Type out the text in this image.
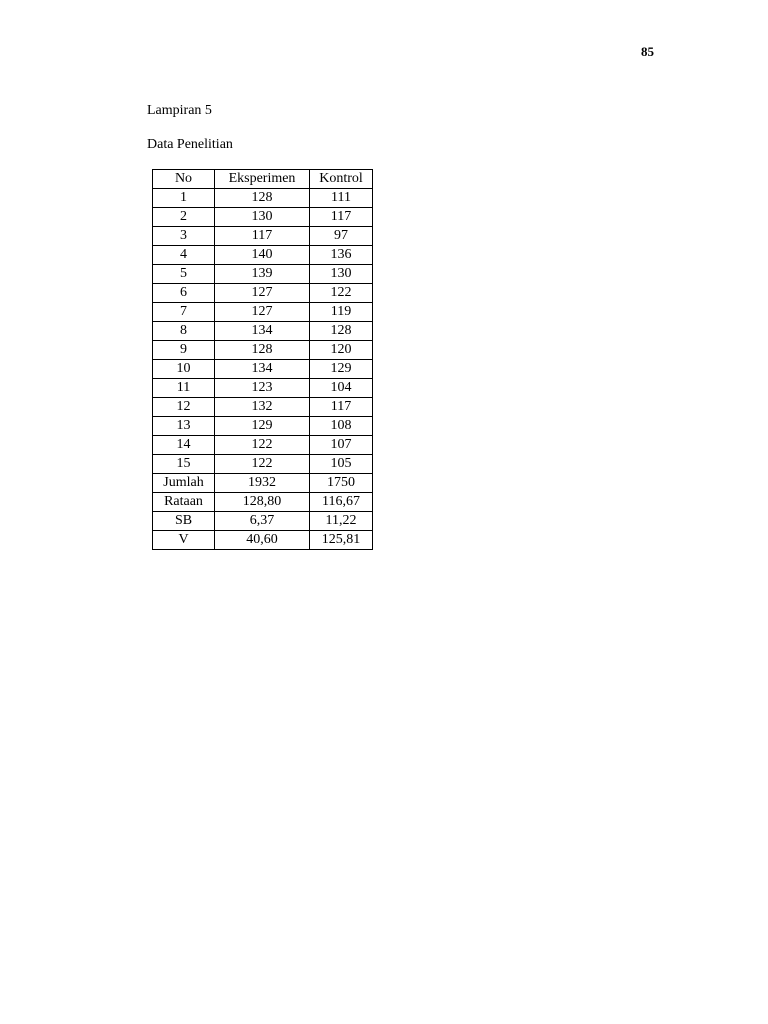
85
Lampiran 5
Data Penelitian
No	Eksperimen	Kontrol
1	128	111
2	130	117
3	117	97
4	140	136
5	139	130
6	127	122
7	127	119
8	134	128
9	128	120
10	134	129
11	123	104
12	132	117
13	129	108
14	122	107
15	122	105
Jumlah	1932	1750
Rataan	128,80	116,67
SB	6,37	11,22
V	40,60	125,81
